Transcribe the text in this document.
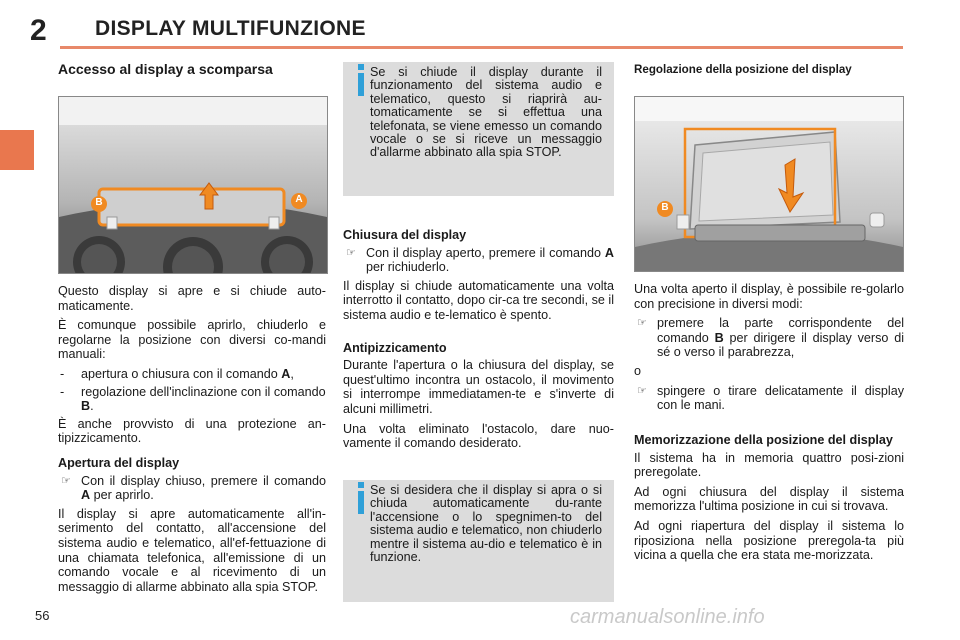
2 DISPLAY MULTIFUNZIONE
Accesso al display a scomparsa
B	A

Questo display si apre e si chiude auto-maticamente.

È comunque possibile aprirlo, chiuderlo e regolarne la posizione con diversi co-mandi manuali:

- apertura o chiusura con il comando A,
- regolazione dell'inclinazione con il comando B.

È anche provvisto di una protezione an-tipizzicamento.

Apertura del display
☞ Con il display chiuso, premere il comando A per aprirlo.

Il display si apre automaticamente all'in-serimento del contatto, all'accensione del sistema audio e telematico, all'ef-fettuazione di una chiamata telefonica, all'emissione di un comando vocale e al ricevimento di un messaggio di allarme abbinato alla spia STOP.

Se si chiude il display durante il funzionamento del sistema audio e telematico, questo si riaprirà au-tomaticamente se si effettua una telefonata, se viene emesso un comando vocale o se si riceve un messaggio d'allarme abbinato alla spia STOP.
Chiusura del display
☞ Con il display aperto, premere il comando A per richiuderlo.

Il display si chiude automaticamente una volta interrotto il contatto, dopo cir-ca tre secondi, se il sistema audio e te-lematico è spento.

Antipizzicamento

Durante l'apertura o la chiusura del display, se quest'ultimo incontra un ostacolo, il movimento si interrompe immediatamen-te e s'inverte di alcuni millimetri.

Una volta eliminato l'ostacolo, dare nuo-vamente il comando desiderato.

Se si desidera che il display si apra o si chiuda automaticamente du-rante l'accensione o lo spegnimen-to del sistema audio e telematico, non chiuderlo mentre il sistema au-dio e telematico è in funzione.
Regolazione della posizione del display
B

Una volta aperto il display, è possibile re-golarlo con precisione in diversi modi:

☞ premere la parte corrispondente del comando B per dirigere il display verso di sé o verso il parabrezza,

o

☞ spingere o tirare delicatamente il display con le mani.
Memorizzazione della posizione del display

Il sistema ha in memoria quattro posi-zioni preregolate.

Ad ogni chiusura del display il sistema memorizza l'ultima posizione in cui si trovava.

Ad ogni riapertura del display il sistema lo riposiziona nella posizione preregola-ta più vicina a quella che era stata me-morizzata.

56	carmanualsonline.info
